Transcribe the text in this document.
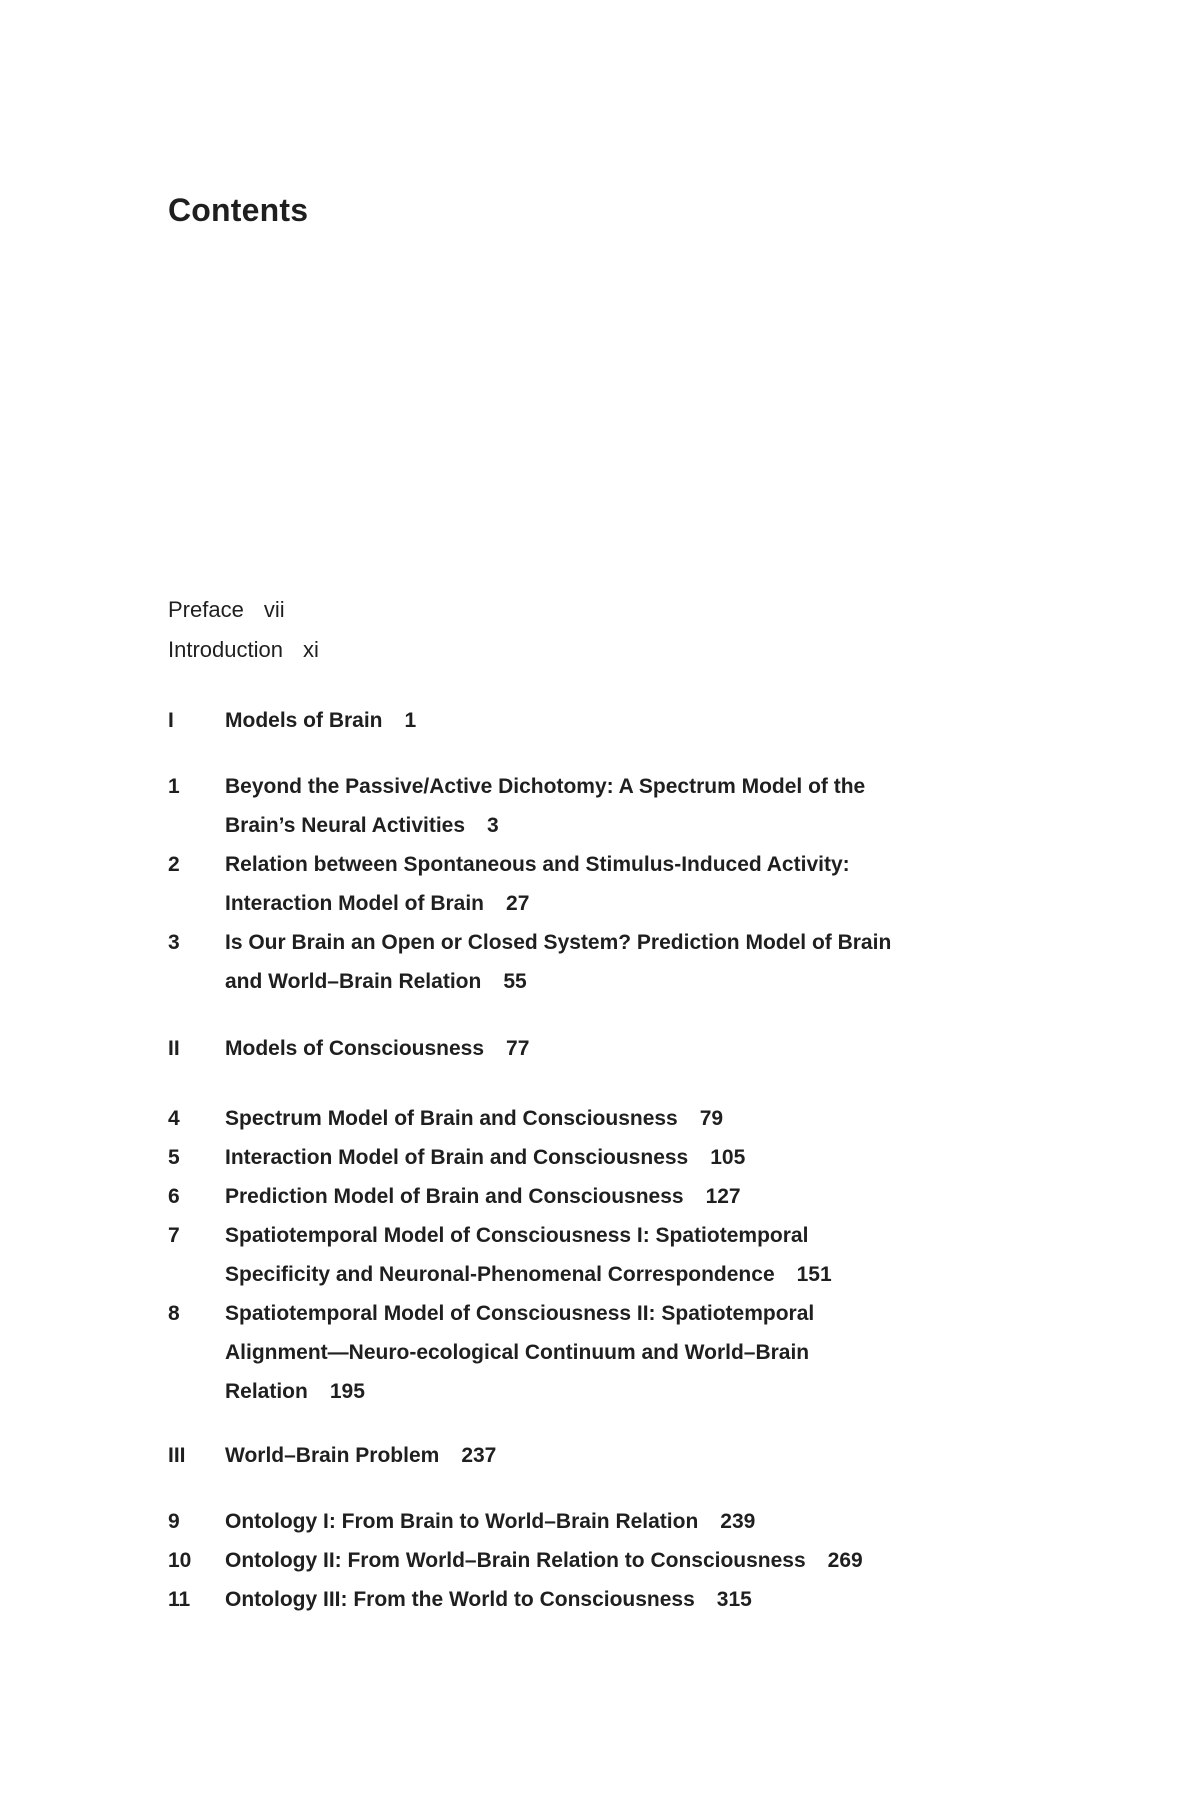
Contents
Preface vii
Introduction xi
I	Models of Brain 1
1	Beyond the Passive/Active Dichotomy: A Spectrum Model of the
Brain’s Neural Activities 3
2	Relation between Spontaneous and Stimulus-Induced Activity:
Interaction Model of Brain 27
3	Is Our Brain an Open or Closed System? Prediction Model of Brain
and World–Brain Relation 55
II	Models of Consciousness 77
4	Spectrum Model of Brain and Consciousness 79
5	Interaction Model of Brain and Consciousness 105
6	Prediction Model of Brain and Consciousness 127
7	Spatiotemporal Model of Consciousness I: Spatiotemporal
Specificity and Neuronal-Phenomenal Correspondence 151
8	Spatiotemporal Model of Consciousness II: Spatiotemporal
Alignment—Neuro-ecological Continuum and World–Brain
Relation 195
III	World–Brain Problem 237
9	Ontology I: From Brain to World–Brain Relation 239
10	Ontology II: From World–Brain Relation to Consciousness 269
11	Ontology III: From the World to Consciousness 315
